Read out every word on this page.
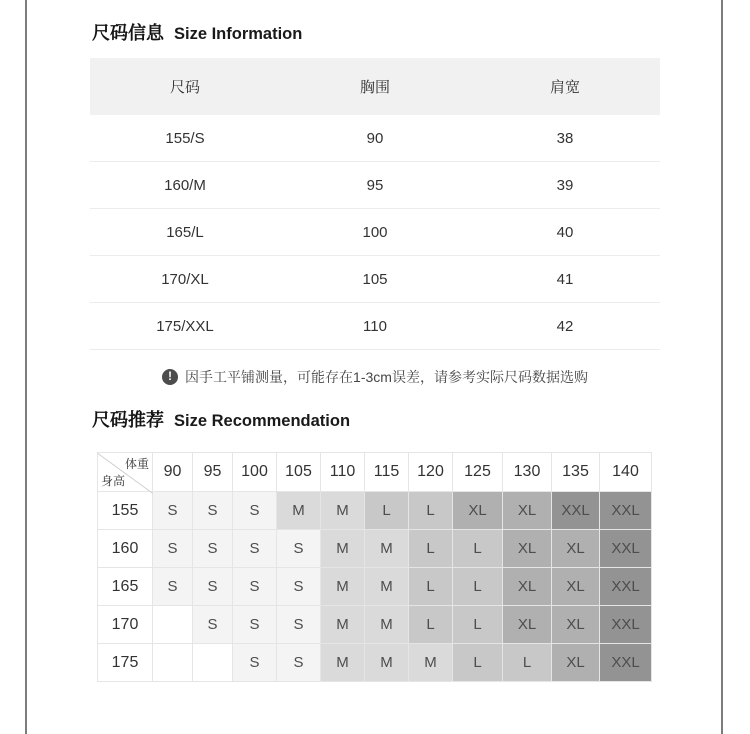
尺码信息 Size Information
尺码	胸围	肩宽
155/S	90	38
160/M	95	39
165/L	100	40
170/XL	105	41
175/XXL	110	42
! 因手工平铺测量，可能存在1-3cm误差，请参考实际尺码数据选购
尺码推荐 Size Recommendation
体重
身高	90	95	100	105	110	115	120	125	130	135	140
155	S	S	S	M	M	L	L	XL	XL	XXL	XXL
160	S	S	S	S	M	M	L	L	XL	XL	XXL
165	S	S	S	S	M	M	L	L	XL	XL	XXL
170		S	S	S	M	M	L	L	XL	XL	XXL
175			S	S	M	M	M	L	L	XL	XXL
